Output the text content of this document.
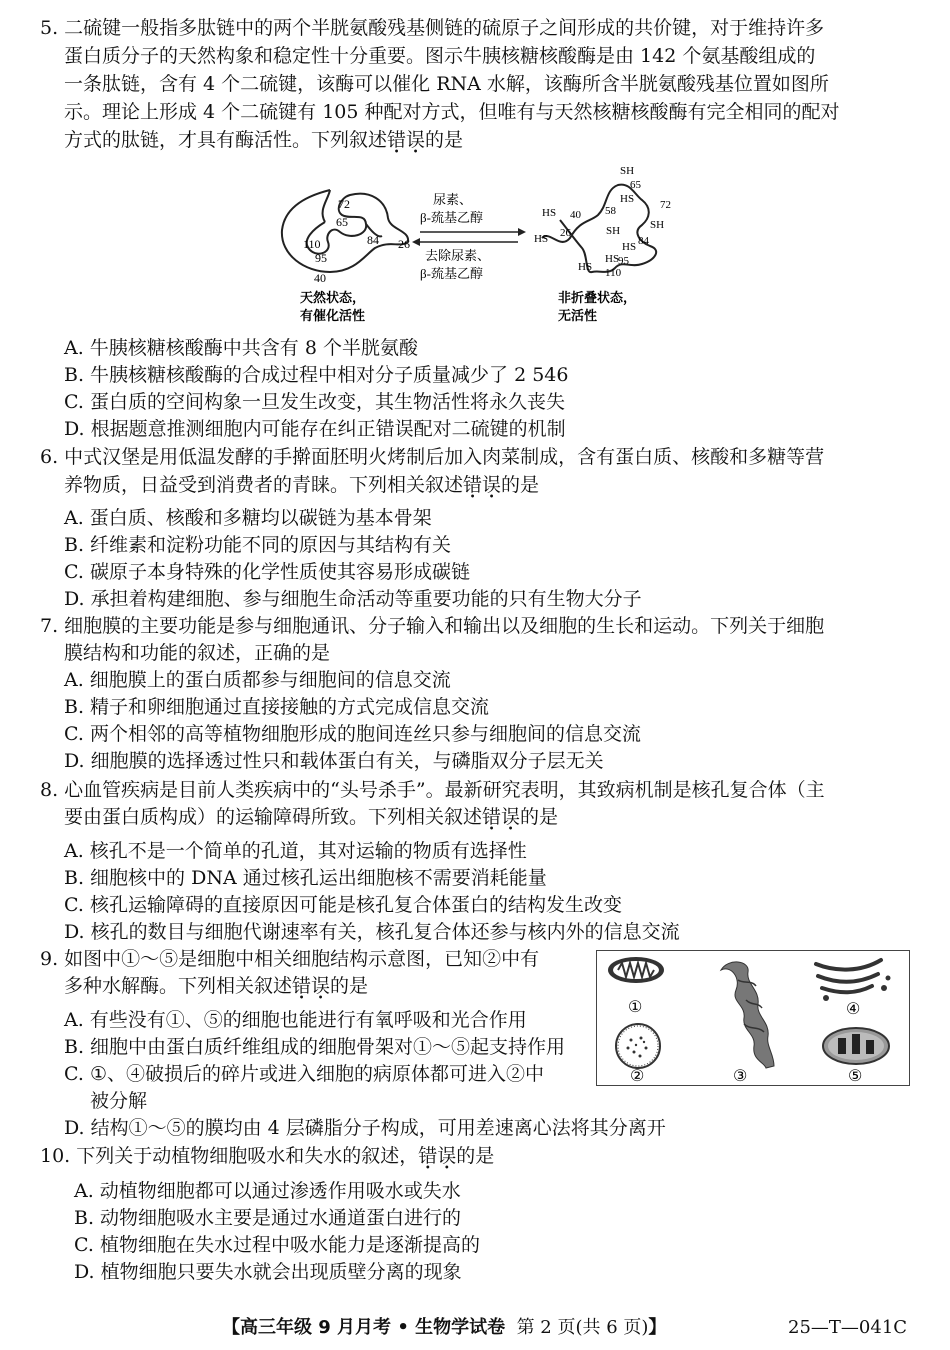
5. 二硫键一般指多肽链中的两个半胱氨酸残基侧链的硫原子之间形成的共价键，对于维持许多
蛋白质分子的天然构象和稳定性十分重要。图示牛胰核糖核酸酶是由 142 个氨基酸组成的
一条肽链，含有 4 个二硫键，该酶可以催化 RNA 水解，该酶所含半胱氨酸残基位置如图所
示。理论上形成 4 个二硫键有 105 种配对方式，但唯有与天然核糖核酸酶有完全相同的配对
方式的肽链，才具有酶活性。下列叙述错误的是
72
65
84
110
95
40
26
天然状态，
有催化活性
尿素、
β-巯基乙醇
去除尿素、
β-巯基乙醇
SH
65
HS 72
HS 40 58
SH
HS 26
SH
84
HS
95
HS
110
HS
非折叠状态，
无活性
A. 牛胰核糖核酸酶中共含有 8 个半胱氨酸
B. 牛胰核糖核酸酶的合成过程中相对分子质量减少了 2 546
C. 蛋白质的空间构象一旦发生改变，其生物活性将永久丧失
D. 根据题意推测细胞内可能存在纠正错误配对二硫键的机制
6. 中式汉堡是用低温发酵的手擀面胚明火烤制后加入肉菜制成，含有蛋白质、核酸和多糖等营
养物质，日益受到消费者的青睐。下列相关叙述错误的是
A. 蛋白质、核酸和多糖均以碳链为基本骨架
B. 纤维素和淀粉功能不同的原因与其结构有关
C. 碳原子本身特殊的化学性质使其容易形成碳链
D. 承担着构建细胞、参与细胞生命活动等重要功能的只有生物大分子
7. 细胞膜的主要功能是参与细胞通讯、分子输入和输出以及细胞的生长和运动。下列关于细胞
膜结构和功能的叙述，正确的是
A. 细胞膜上的蛋白质都参与细胞间的信息交流
B. 精子和卵细胞通过直接接触的方式完成信息交流
C. 两个相邻的高等植物细胞形成的胞间连丝只参与细胞间的信息交流
D. 细胞膜的选择透过性只和载体蛋白有关，与磷脂双分子层无关
8. 心血管疾病是目前人类疾病中的“头号杀手”。最新研究表明，其致病机制是核孔复合体（主
要由蛋白质构成）的运输障碍所致。下列相关叙述错误的是
A. 核孔不是一个简单的孔道，其对运输的物质有选择性
B. 细胞核中的 DNA 通过核孔运出细胞核不需要消耗能量
C. 核孔运输障碍的直接原因可能是核孔复合体蛋白的结构发生改变
D. 核孔的数目与细胞代谢速率有关，核孔复合体还参与核内外的信息交流
9. 如图中①～⑤是细胞中相关细胞结构示意图，已知②中有
多种水解酶。下列相关叙述错误的是
A. 有些没有①、⑤的细胞也能进行有氧呼吸和光合作用
B. 细胞中由蛋白质纤维组成的细胞骨架对①～⑤起支持作用
C. ①、④破损后的碎片或进入细胞的病原体都可进入②中
被分解
D. 结构①～⑤的膜均由 4 层磷脂分子构成，可用差速离心法将其分离开
①
②	③
④
⑤
10. 下列关于动植物细胞吸水和失水的叙述，错误的是
A. 动植物细胞都可以通过渗透作用吸水或失水
B. 动物细胞吸水主要是通过水通道蛋白进行的
C. 植物细胞在失水过程中吸水能力是逐渐提高的
D. 植物细胞只要失水就会出现质壁分离的现象
【高三年级 9 月月考 • 生物学试卷 第 2 页(共 6 页)】	25—T—041C
